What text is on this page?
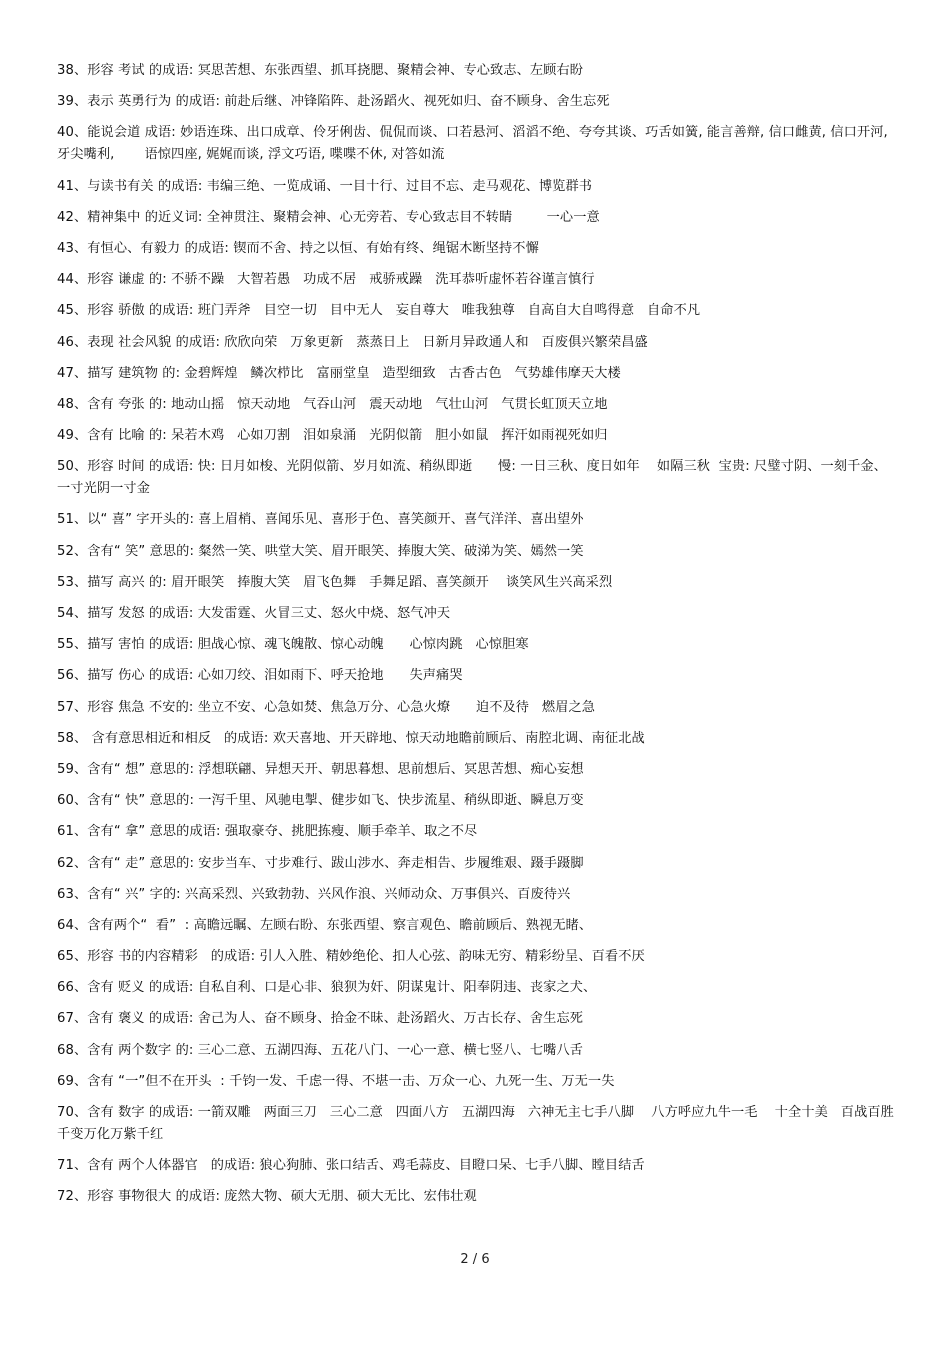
38、形容 考试 的成语: 冥思苦想、东张西望、抓耳挠腮、聚精会神、专心致志、左顾右盼
39、表示 英勇行为 的成语: 前赴后继、冲锋陷阵、赴汤蹈火、视死如归、奋不顾身、舍生忘死
40、能说会道 成语: 妙语连珠、出口成章、伶牙俐齿、侃侃而谈、口若悬河、滔滔不绝、夸夸其谈、巧舌如簧, 能言善辩, 信口雌黄, 信口开河, 牙尖嘴利,       语惊四座, 娓娓而谈, 浮文巧语, 喋喋不休, 对答如流
41、与读书有关 的成语: 韦编三绝、一览成诵、一目十行、过目不忘、走马观花、博览群书
42、精神集中 的近义词: 全神贯注、聚精会神、心无旁若、专心致志目不转睛        一心一意
43、有恒心、有毅力 的成语: 锲而不舍、持之以恒、有始有终、绳锯木断坚持不懈
44、形容 谦虚 的: 不骄不躁   大智若愚   功成不居   戒骄戒躁   洗耳恭听虚怀若谷谨言慎行
45、形容 骄傲 的成语: 班门弄斧   目空一切   目中无人   妄自尊大   唯我独尊   自高自大自鸣得意   自命不凡
46、表现 社会风貌 的成语: 欣欣向荣   万象更新   蒸蒸日上   日新月异政通人和   百废俱兴繁荣昌盛
47、描写 建筑物 的: 金碧辉煌   鳞次栉比   富丽堂皇   造型细致   古香古色   气势雄伟摩天大楼
48、含有 夸张 的: 地动山摇   惊天动地   气吞山河   震天动地   气壮山河   气贯长虹顶天立地
49、含有 比喻 的: 呆若木鸡   心如刀割   泪如泉涌   光阴似箭   胆小如鼠   挥汗如雨视死如归
50、形容 时间 的成语: 快: 日月如梭、光阴似箭、岁月如流、稍纵即逝      慢: 一日三秋、度日如年    如隔三秋  宝贵: 尺璧寸阴、一刻千金、一寸光阴一寸金
51、以“ 喜” 字开头的: 喜上眉梢、喜闻乐见、喜形于色、喜笑颜开、喜气洋洋、喜出望外
52、含有“ 笑” 意思的: 粲然一笑、哄堂大笑、眉开眼笑、捧腹大笑、破涕为笑、嫣然一笑
53、描写 高兴 的: 眉开眼笑   捧腹大笑   眉飞色舞   手舞足蹈、喜笑颜开    谈笑风生兴高采烈
54、描写 发怒 的成语: 大发雷霆、火冒三丈、怒火中烧、怒气冲天
55、描写 害怕 的成语: 胆战心惊、魂飞魄散、惊心动魄      心惊肉跳   心惊胆寒
56、描写 伤心 的成语: 心如刀绞、泪如雨下、呼天抢地      失声痛哭
57、形容 焦急 不安的: 坐立不安、心急如焚、焦急万分、心急火燎      迫不及待   燃眉之急
58、 含有意思相近和相反   的成语: 欢天喜地、开天辟地、惊天动地瞻前顾后、南腔北调、南征北战
59、含有“ 想” 意思的: 浮想联翩、异想天开、朝思暮想、思前想后、冥思苦想、痴心妄想
60、含有“ 快” 意思的: 一泻千里、风驰电掣、健步如飞、快步流星、稍纵即逝、瞬息万变
61、含有“ 拿” 意思的成语: 强取豪夺、挑肥拣瘦、顺手牵羊、取之不尽
62、含有“ 走” 意思的: 安步当车、寸步难行、跋山涉水、奔走相告、步履维艰、蹑手蹑脚
63、含有“ 兴” 字的: 兴高采烈、兴致勃勃、兴风作浪、兴师动众、万事俱兴、百废待兴
64、含有两个“  看”  : 高瞻远瞩、左顾右盼、东张西望、察言观色、瞻前顾后、熟视无睹、
65、形容 书的内容精彩   的成语: 引人入胜、精妙绝伦、扣人心弦、韵味无穷、精彩纷呈、百看不厌
66、含有 贬义 的成语: 自私自利、口是心非、狼狈为奸、阴谋鬼计、阳奉阴违、丧家之犬、
67、含有 褒义 的成语: 舍己为人、奋不顾身、拾金不昧、赴汤蹈火、万古长存、舍生忘死
68、含有 两个数字 的: 三心二意、五湖四海、五花八门、一心一意、横七竖八、七嘴八舌
69、含有 “一”但不在开头  : 千钧一发、千虑一得、不堪一击、万众一心、九死一生、万无一失
70、含有 数字 的成语: 一箭双雕   两面三刀   三心二意   四面八方   五湖四海   六神无主七手八脚    八方呼应九牛一毛    十全十美   百战百胜   千变万化万紫千红
71、含有 两个人体器官   的成语: 狼心狗肺、张口结舌、鸡毛蒜皮、目瞪口呆、七手八脚、瞠目结舌
72、形容 事物很大 的成语: 庞然大物、硕大无朋、硕大无比、宏伟壮观
2 / 6
